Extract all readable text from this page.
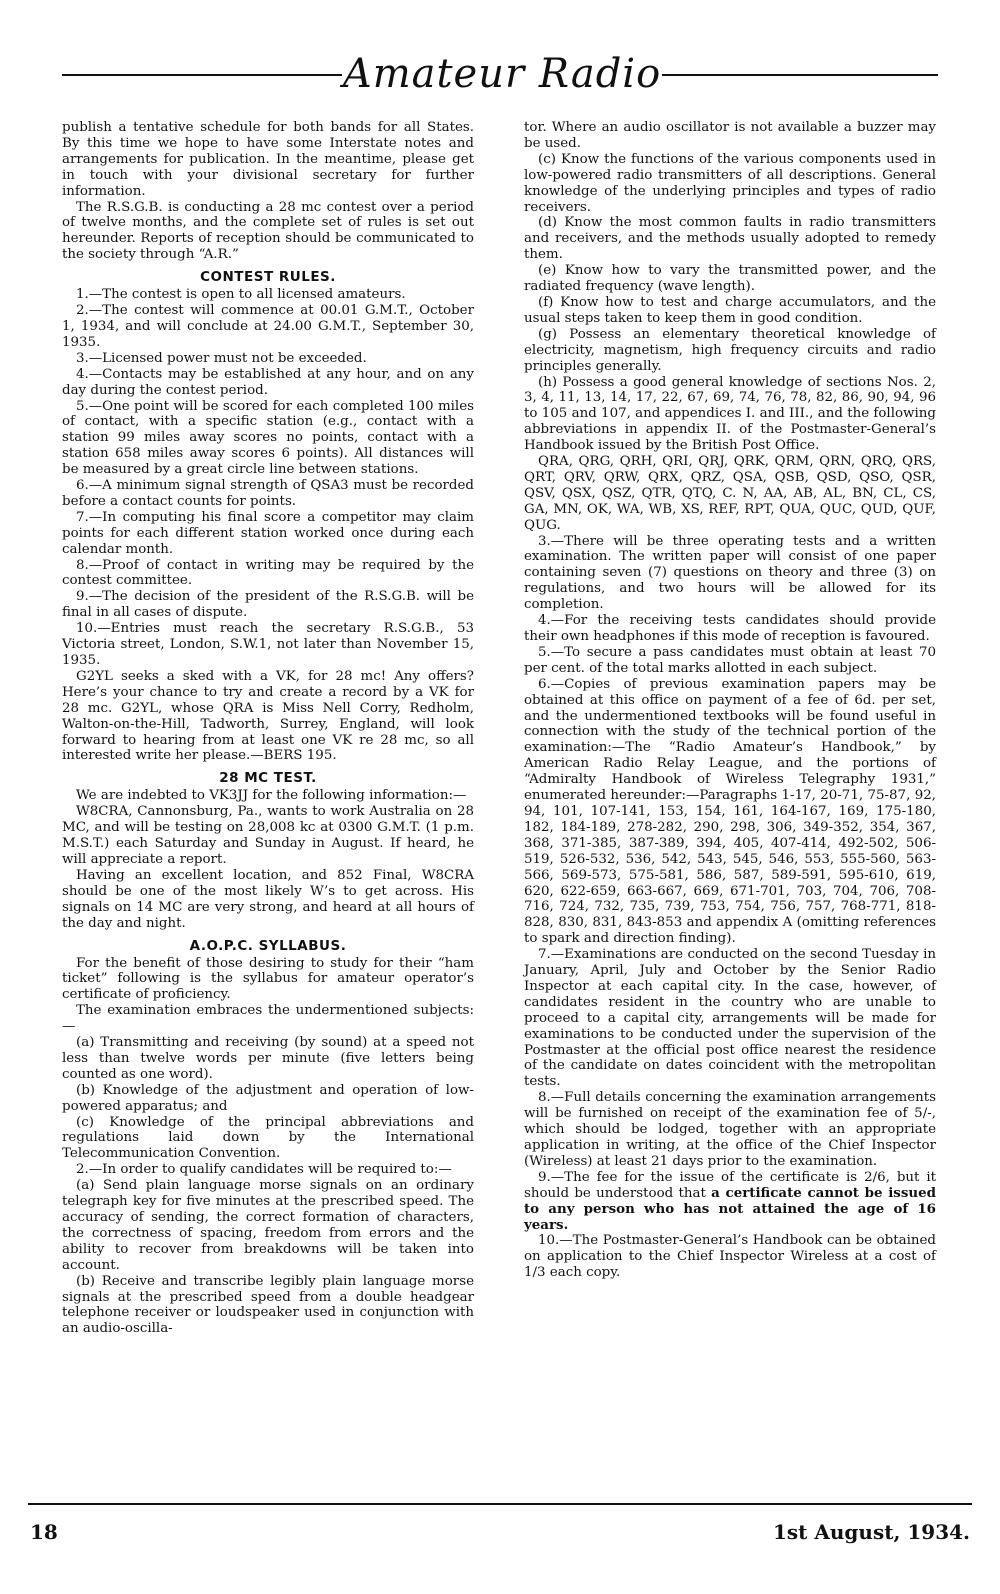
Amateur Radio

publish a tentative schedule for both bands for all States. By this time we hope to have some Interstate notes and arrangements for publication. In the meantime, please get in touch with your divisional secretary for further information.

The R.S.G.B. is conducting a 28 mc contest over a period of twelve months, and the complete set of rules is set out hereunder. Reports of reception should be communicated to the society through “A.R.”

CONTEST RULES.

1.—The contest is open to all licensed amateurs.

2.—The contest will commence at 00.01 G.M.T., October 1, 1934, and will conclude at 24.00 G.M.T., September 30, 1935.

3.—Licensed power must not be exceeded.

4.—Contacts may be established at any hour, and on any day during the contest period.

5.—One point will be scored for each completed 100 miles of contact, with a specific station (e.g., contact with a station 99 miles away scores no points, contact with a station 658 miles away scores 6 points). All distances will be measured by a great circle line between stations.

6.—A minimum signal strength of QSA3 must be recorded before a contact counts for points.

7.—In computing his final score a competitor may claim points for each different station worked once during each calendar month.

8.—Proof of contact in writing may be required by the contest committee.

9.—The decision of the president of the R.S.G.B. will be final in all cases of dispute.

10.—Entries must reach the secretary R.S.G.B., 53 Victoria street, London, S.W.1, not later than November 15, 1935.

G2YL seeks a sked with a VK, for 28 mc! Any offers? Here’s your chance to try and create a record by a VK for 28 mc. G2YL, whose QRA is Miss Nell Corry, Redholm, Walton-on-the-Hill, Tadworth, Surrey, England, will look forward to hearing from at least one VK re 28 mc, so all interested write her please.—BERS 195.

28 MC TEST.

We are indebted to VK3JJ for the following information:—

W8CRA, Cannonsburg, Pa., wants to work Australia on 28 MC, and will be testing on 28,008 kc at 0300 G.M.T. (1 p.m. M.S.T.) each Saturday and Sunday in August. If heard, he will appreciate a report.

Having an excellent location, and 852 Final, W8CRA should be one of the most likely W’s to get across. His signals on 14 MC are very strong, and heard at all hours of the day and night.

A.O.P.C. SYLLABUS.

For the benefit of those desiring to study for their “ham ticket” following is the syllabus for amateur operator’s certificate of proficiency.

The examination embraces the undermentioned subjects:—

(a) Transmitting and receiving (by sound) at a speed not less than twelve words per minute (five letters being counted as one word).

(b) Knowledge of the adjustment and operation of low-powered apparatus; and

(c) Knowledge of the principal abbreviations and regulations laid down by the International Telecommunication Convention.

2.—In order to qualify candidates will be required to:—

(a) Send plain language morse signals on an ordinary telegraph key for five minutes at the prescribed speed. The accuracy of sending, the correct formation of characters, the correctness of spacing, freedom from errors and the ability to recover from breakdowns will be taken into account.

(b) Receive and transcribe legibly plain language morse signals at the prescribed speed from a double headgear telephone receiver or loudspeaker used in conjunction with an audio-oscilla-

tor. Where an audio oscillator is not available a buzzer may be used.

(c) Know the functions of the various components used in low-powered radio transmitters of all descriptions. General knowledge of the underlying principles and types of radio receivers.

(d) Know the most common faults in radio transmitters and receivers, and the methods usually adopted to remedy them.

(e) Know how to vary the transmitted power, and the radiated frequency (wave length).

(f) Know how to test and charge accumulators, and the usual steps taken to keep them in good condition.

(g) Possess an elementary theoretical knowledge of electricity, magnetism, high frequency circuits and radio principles generally.

(h) Possess a good general knowledge of sections Nos. 2, 3, 4, 11, 13, 14, 17, 22, 67, 69, 74, 76, 78, 82, 86, 90, 94, 96 to 105 and 107, and appendices I. and III., and the following abbreviations in appendix II. of the Postmaster-General’s Handbook issued by the British Post Office.

QRA, QRG, QRH, QRI, QRJ, QRK, QRM, QRN, QRQ, QRS, QRT, QRV, QRW, QRX, QRZ, QSA, QSB, QSD, QSO, QSR, QSV, QSX, QSZ, QTR, QTQ, C. N, AA, AB, AL, BN, CL, CS, GA, MN, OK, WA, WB, XS, REF, RPT, QUA, QUC, QUD, QUF, QUG.

3.—There will be three operating tests and a written examination. The written paper will consist of one paper containing seven (7) questions on theory and three (3) on regulations, and two hours will be allowed for its completion.

4.—For the receiving tests candidates should provide their own headphones if this mode of reception is favoured.

5.—To secure a pass candidates must obtain at least 70 per cent. of the total marks allotted in each subject.

6.—Copies of previous examination papers may be obtained at this office on payment of a fee of 6d. per set, and the undermentioned textbooks will be found useful in connection with the study of the technical portion of the examination:—The “Radio Amateur’s Handbook,” by American Radio Relay League, and the portions of “Admiralty Handbook of Wireless Telegraphy 1931,” enumerated hereunder:—Paragraphs 1-17, 20-71, 75-87, 92, 94, 101, 107-141, 153, 154, 161, 164-167, 169, 175-180, 182, 184-189, 278-282, 290, 298, 306, 349-352, 354, 367, 368, 371-385, 387-389, 394, 405, 407-414, 492-502, 506-519, 526-532, 536, 542, 543, 545, 546, 553, 555-560, 563-566, 569-573, 575-581, 586, 587, 589-591, 595-610, 619, 620, 622-659, 663-667, 669, 671-701, 703, 704, 706, 708-716, 724, 732, 735, 739, 753, 754, 756, 757, 768-771, 818-828, 830, 831, 843-853 and appendix A (omitting references to spark and direction finding).

7.—Examinations are conducted on the second Tuesday in January, April, July and October by the Senior Radio Inspector at each capital city. In the case, however, of candidates resident in the country who are unable to proceed to a capital city, arrangements will be made for examinations to be conducted under the supervision of the Postmaster at the official post office nearest the residence of the candidate on dates coincident with the metropolitan tests.

8.—Full details concerning the examination arrangements will be furnished on receipt of the examination fee of 5/-, which should be lodged, together with an appropriate application in writing, at the office of the Chief Inspector (Wireless) at least 21 days prior to the examination.

9.—The fee for the issue of the certificate is 2/6, but it should be understood that a certificate cannot be issued to any person who has not attained the age of 16 years.

10.—The Postmaster-General’s Handbook can be obtained on application to the Chief Inspector Wireless at a cost of 1/3 each copy.

18	1st August, 1934.
